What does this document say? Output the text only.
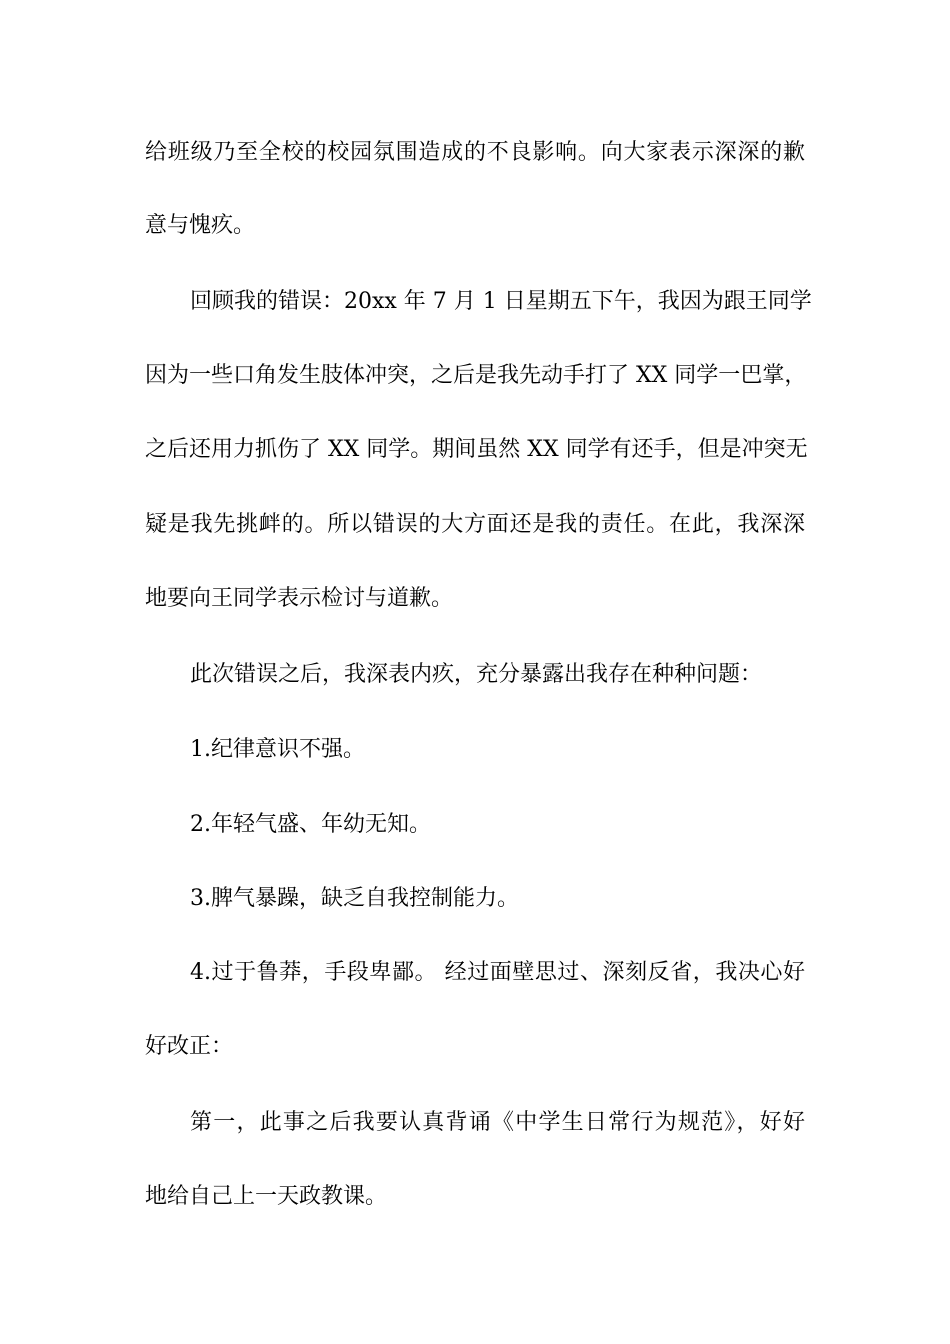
给班级乃至全校的校园氛围造成的不良影响。向大家表示深深的歉
意与愧疚。
回顾我的错误：20xx 年 7 月 1 日星期五下午，我因为跟王同学
因为一些口角发生肢体冲突，之后是我先动手打了 XX 同学一巴掌，
之后还用力抓伤了 XX 同学。期间虽然 XX 同学有还手，但是冲突无
疑是我先挑衅的。所以错误的大方面还是我的责任。在此，我深深
地要向王同学表示检讨与道歉。
此次错误之后，我深表内疚，充分暴露出我存在种种问题：
1.纪律意识不强。
2.年轻气盛、年幼无知。
3.脾气暴躁，缺乏自我控制能力。
4.过于鲁莽，手段卑鄙。 经过面壁思过、深刻反省，我决心好
好改正：
第一，此事之后我要认真背诵《中学生日常行为规范》，好好
地给自己上一天政教课。
